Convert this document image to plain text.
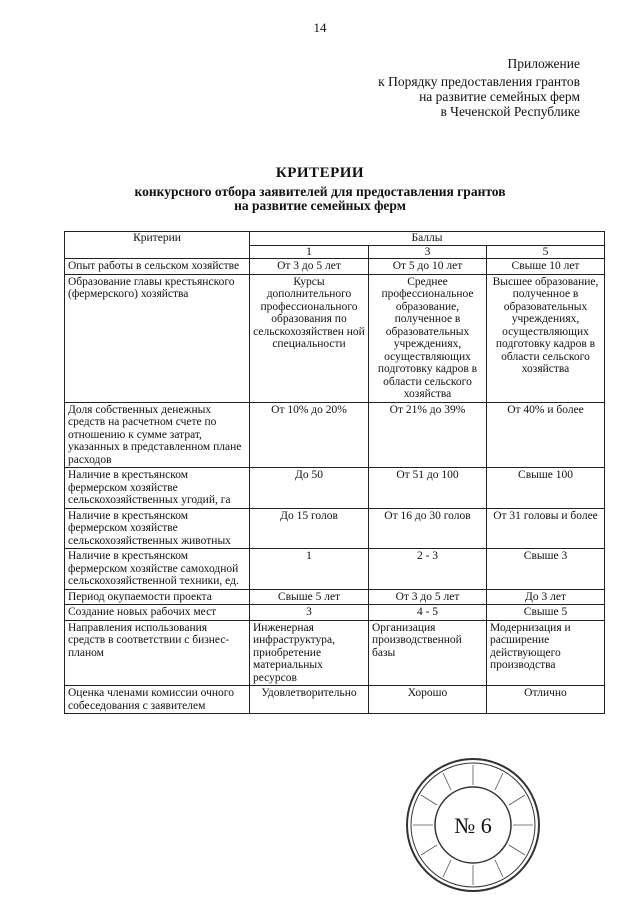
14
Приложение
к Порядку предоставления грантов
на развитие семейных ферм
в Чеченской Республике
КРИТЕРИИ
конкурсного отбора заявителей для предоставления грантов
на развитие семейных ферм
Критерии	Баллы		
	1	3	5
Опыт работы в сельском хозяйстве	От 3 до 5 лет	От 5 до 10 лет	Свыше 10 лет
Образование главы крестьянского (фермерского) хозяйства	Курсы дополнительного профессионального образования по сельскохозяйствен ной специальности	Среднее профессиональное образование, полученное в образовательных учреждениях, осуществляющих подготовку кадров в области сельского хозяйства	Высшее образование, полученное в образовательных учреждениях, осуществляющих подготовку кадров в области сельского хозяйства
Доля собственных денежных средств на расчетном счете по отношению к сумме затрат, указанных в представленном плане расходов	От 10% до 20%	От 21% до 39%	От 40% и более
Наличие в крестьянском фермерском хозяйстве сельскохозяйственных угодий, га	До 50	От 51 до 100	Свыше 100
Наличие в крестьянском фермерском хозяйстве сельскохозяйственных животных	До 15 голов	От 16 до 30 голов	От 31 головы и более
Наличие в крестьянском фермерском хозяйстве самоходной сельскохозяйственной техники, ед.	1	2 - 3	Свыше 3
Период окупаемости проекта	Свыше 5 лет	От 3 до 5 лет	До 3 лет
Создание новых рабочих мест	3	4 - 5	Свыше 5
Направления использования средств в соответствии с бизнес-планом	Инженерная инфраструктура, приобретение материальных ресурсов	Организация производственной базы	Модернизация и расширение действующего производства
Оценка членами комиссии очного собеседования с заявителем	Удовлетворительно	Хорошо	Отлично
№ 6
